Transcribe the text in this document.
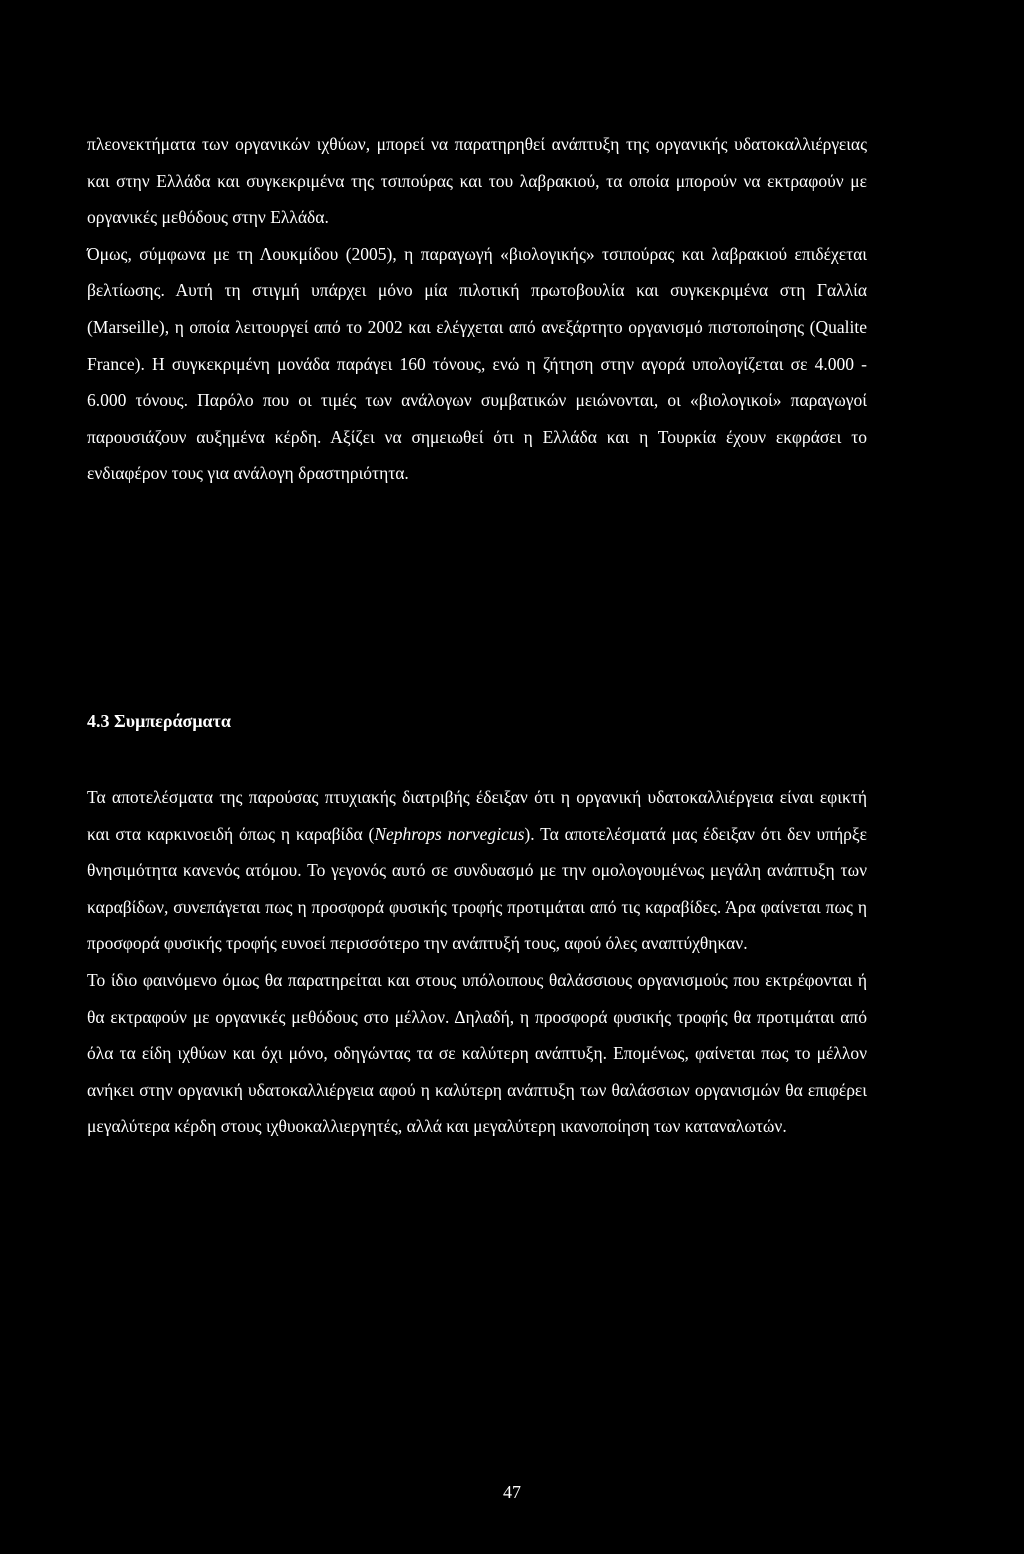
πλεονεκτήματα των οργανικών ιχθύων, μπορεί να παρατηρηθεί ανάπτυξη της οργανικής υδατοκαλλιέργειας και στην Ελλάδα και συγκεκριμένα της τσιπούρας και του λαβρακιού, τα οποία μπορούν να εκτραφούν με οργανικές μεθόδους στην Ελλάδα.

Όμως, σύμφωνα με τη Λουκμίδου (2005), η παραγωγή «βιολογικής» τσιπούρας και λαβρακιού επιδέχεται βελτίωσης. Αυτή τη στιγμή υπάρχει μόνο μία πιλοτική πρωτοβουλία και συγκεκριμένα στη Γαλλία (Marseille), η οποία λειτουργεί από το 2002 και ελέγχεται από ανεξάρτητο οργανισμό πιστοποίησης (Qualite France). Η συγκεκριμένη μονάδα παράγει 160 τόνους, ενώ η ζήτηση στην αγορά υπολογίζεται σε 4.000 - 6.000 τόνους. Παρόλο που οι τιμές των ανάλογων συμβατικών μειώνονται, οι «βιολογικοί» παραγωγοί παρουσιάζουν αυξημένα κέρδη. Αξίζει να σημειωθεί ότι η Ελλάδα και η Τουρκία έχουν εκφράσει το ενδιαφέρον τους για ανάλογη δραστηριότητα.

4.3 Συμπεράσματα

Τα αποτελέσματα της παρούσας πτυχιακής διατριβής έδειξαν ότι η οργανική υδατοκαλλιέργεια είναι εφικτή και στα καρκινοειδή όπως η καραβίδα (Nephrops norvegicus). Τα αποτελέσματά μας έδειξαν ότι δεν υπήρξε θνησιμότητα κανενός ατόμου. Το γεγονός αυτό σε συνδυασμό με την ομολογουμένως μεγάλη ανάπτυξη των καραβίδων, συνεπάγεται πως η προσφορά φυσικής τροφής προτιμάται από τις καραβίδες. Άρα φαίνεται πως η προσφορά φυσικής τροφής ευνοεί περισσότερο την ανάπτυξή τους, αφού όλες αναπτύχθηκαν.

Το ίδιο φαινόμενο όμως θα παρατηρείται και στους υπόλοιπους θαλάσσιους οργανισμούς που εκτρέφονται ή θα εκτραφούν με οργανικές μεθόδους στο μέλλον. Δηλαδή, η προσφορά φυσικής τροφής θα προτιμάται από όλα τα είδη ιχθύων και όχι μόνο, οδηγώντας τα σε καλύτερη ανάπτυξη. Επομένως, φαίνεται πως το μέλλον ανήκει στην οργανική υδατοκαλλιέργεια αφού η καλύτερη ανάπτυξη των θαλάσσιων οργανισμών θα επιφέρει μεγαλύτερα κέρδη στους ιχθυοκαλλιεργητές, αλλά και μεγαλύτερη ικανοποίηση των καταναλωτών.

47
